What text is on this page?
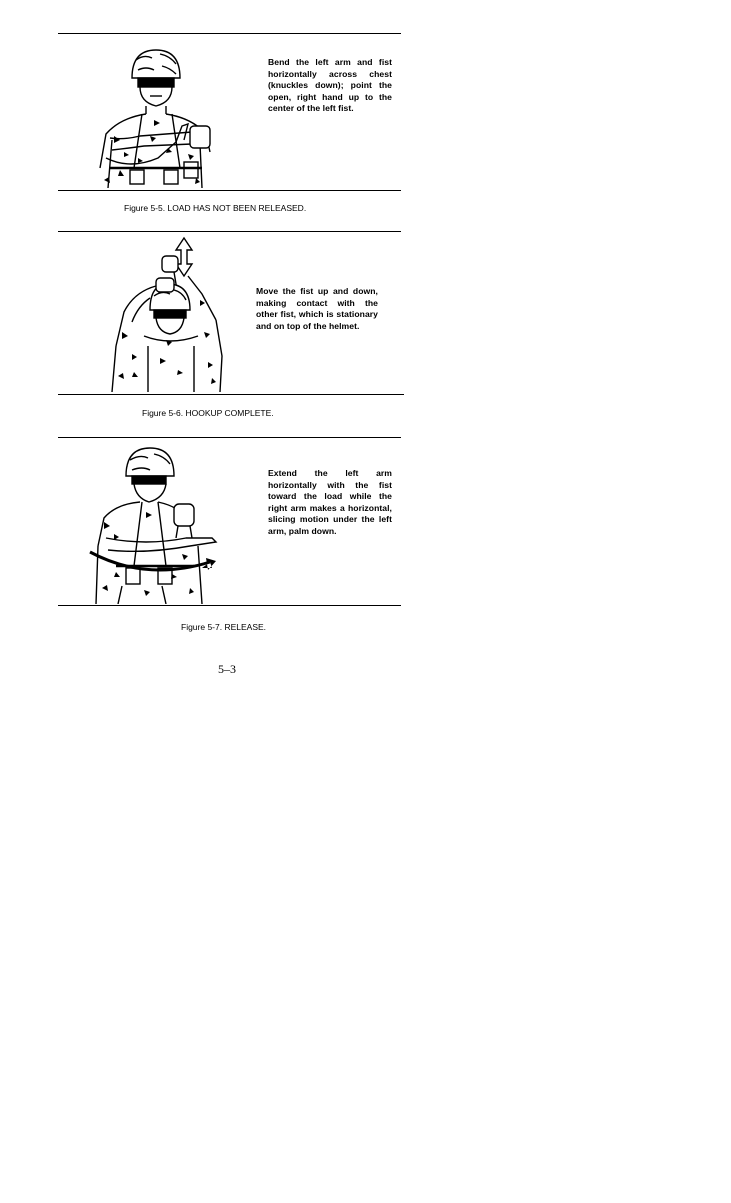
Bend the left arm and fist horizontally across chest (knuckles down); point the open, right hand up to the center of the left fist.
Figure 5-5. LOAD HAS NOT BEEN RELEASED.
Move the fist up and down, making contact with the other fist, which is stationary and on top of the helmet.
Figure 5-6. HOOKUP COMPLETE.
Extend the left arm horizontally with the fist toward the load while the right arm makes a horizontal, slicing motion under the left arm, palm down.
Figure 5-7. RELEASE.
5–3
